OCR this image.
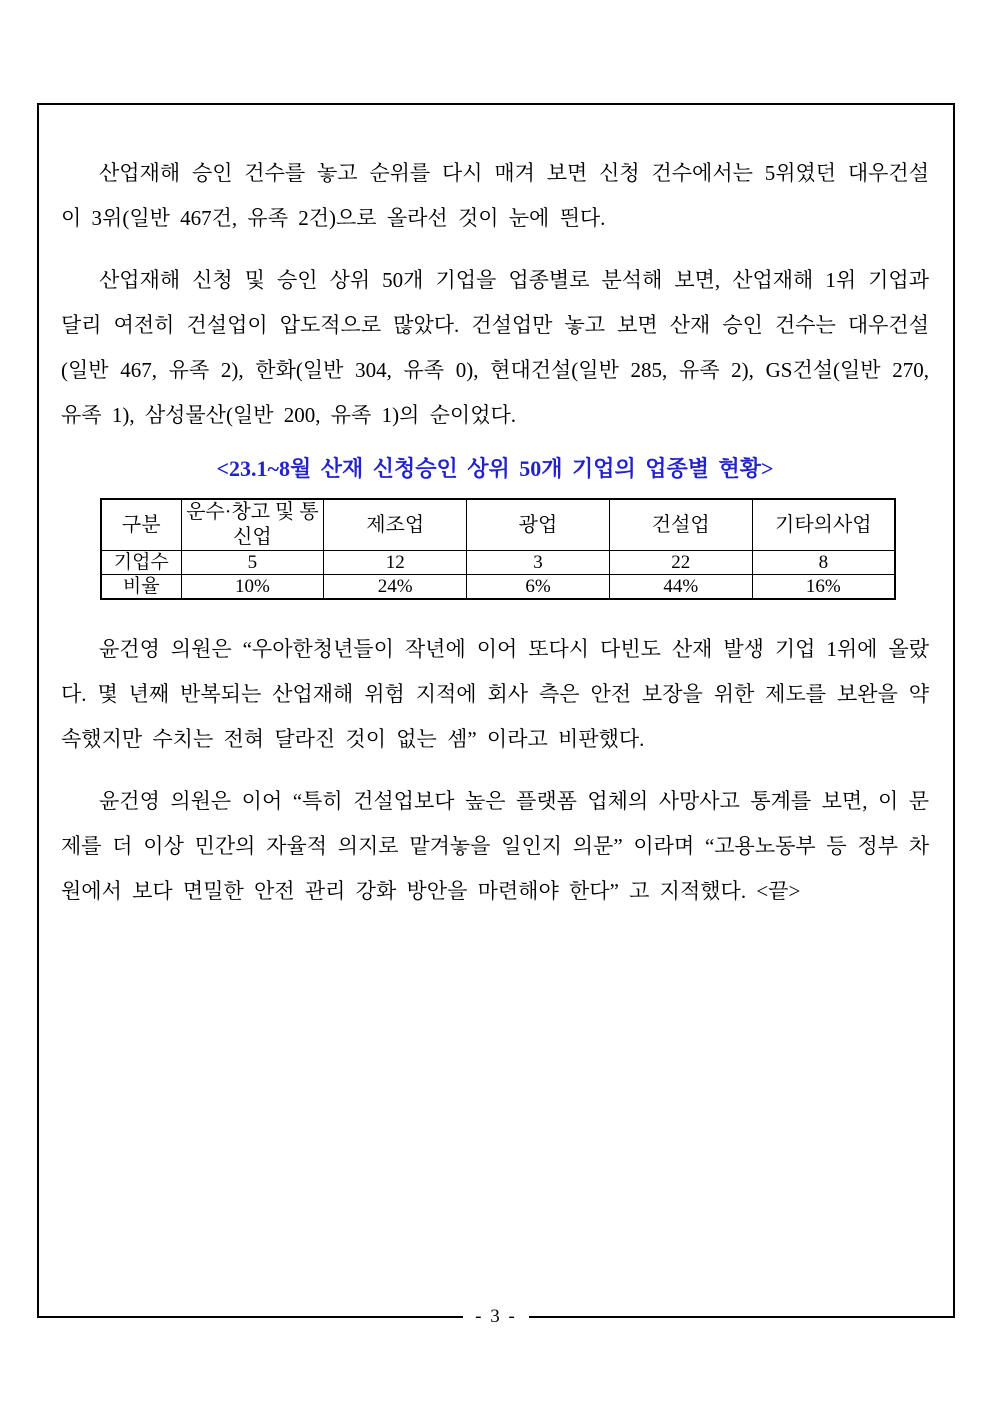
산업재해 승인 건수를 놓고 순위를 다시 매겨 보면 신청 건수에서는 5위였던 대우건설이 3위(일반 467건, 유족 2건)으로 올라선 것이 눈에 띈다.

산업재해 신청 및 승인 상위 50개 기업을 업종별로 분석해 보면, 산업재해 1위 기업과 달리 여전히 건설업이 압도적으로 많았다. 건설업만 놓고 보면 산재 승인 건수는 대우건설(일반 467, 유족 2), 한화(일반 304, 유족 0), 현대건설(일반 285, 유족 2), GS건설(일반 270, 유족 1), 삼성물산(일반 200, 유족 1)의 순이었다.

<23.1~8월 산재 신청승인 상위 50개 기업의 업종별 현황>
구분	운수·창고 및 통신업	제조업	광업	건설업	기타의사업
기업수	5	12	3	22	8
비율	10%	24%	6%	44%	16%

윤건영 의원은 “우아한청년들이 작년에 이어 또다시 다빈도 산재 발생 기업 1위에 올랐다. 몇 년째 반복되는 산업재해 위험 지적에 회사 측은 안전 보장을 위한 제도를 보완을 약속했지만 수치는 전혀 달라진 것이 없는 셈” 이라고 비판했다.

윤건영 의원은 이어 “특히 건설업보다 높은 플랫폼 업체의 사망사고 통계를 보면, 이 문제를 더 이상 민간의 자율적 의지로 맡겨놓을 일인지 의문” 이라며 “고용노동부 등 정부 차원에서 보다 면밀한 안전 관리 강화 방안을 마련해야 한다” 고 지적했다. <끝>

- 3 -
